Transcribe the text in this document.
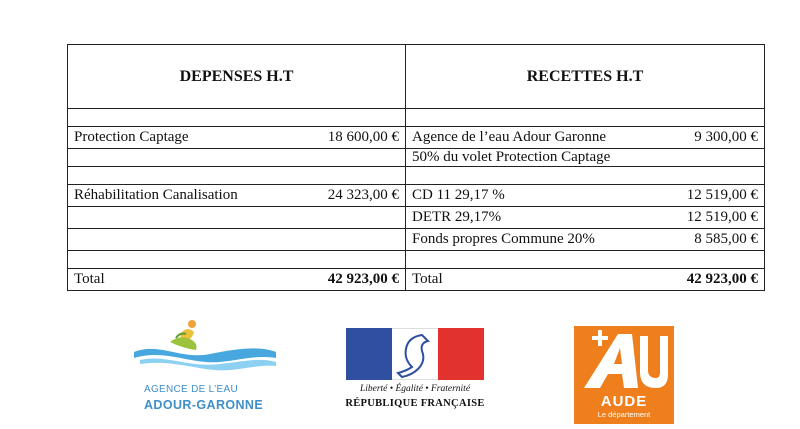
DEPENSES H.T	RECETTES H.T

Protection Captage 18 600,00 €	Agence de l’eau Adour Garonne 9 300,00 €

	50% du volet Protection Captage

Réhabilitation Canalisation 24 323,00 €	CD 11 29,17 % 12 519,00 €

	DETR 29,17% 12 519,00 €

	Fonds propres Commune 20% 8 585,00 €

Total 42 923,00 €	Total 42 923,00 €
AGENCE DE L’EAU
ADOUR-GARONNE
Liberté • Égalité • Fraternité
RÉPUBLIQUE FRANÇAISE	AUDE
Le département
